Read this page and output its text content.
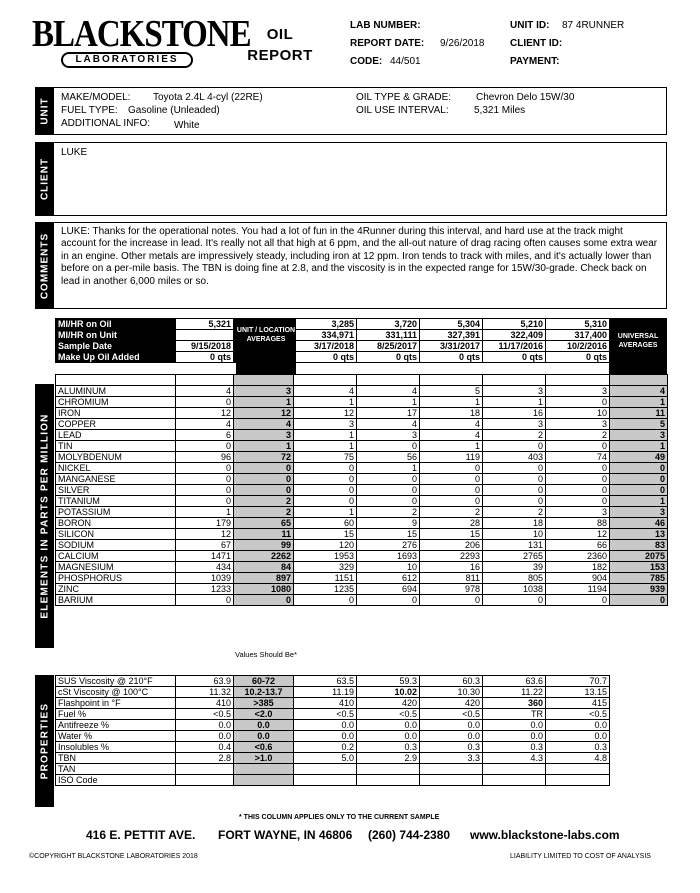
BLACKSTONE
LABORATORIES
OIL REPORT
LAB NUMBER:
REPORT DATE: 9/26/2018
CODE: 44/501
UNIT ID: 87 4RUNNER
CLIENT ID:
PAYMENT:
UNIT MAKE/MODEL: Toyota 2.4L 4-cyl (22RE)
FUEL TYPE: Gasoline (Unleaded)
ADDITIONAL INFO: White
OIL TYPE & GRADE: Chevron Delo 15W/30
OIL USE INTERVAL:	5,321 Miles
CLIENT
LUKE
COMMENTS
LUKE: Thanks for the operational notes. You had a lot of fun in the 4Runner during this interval, and hard use at the track might account for the increase in lead. It's really not all that high at 6 ppm, and the all-out nature of drag racing often causes some extra wear in an engine. Other metals are impressively steady, including iron at 12 ppm. Iron tends to track with miles, and it's actually lower than before on a per-mile basis. The TBN is doing fine at 2.8, and the viscosity is in the expected range for 15W/30-grade. Check back on lead in another 6,000 miles or so.
MI/HR on Oil	5,321		3,285	3,720	5,304	5,210	5,310
MI/HR on Unit			334,971	331,111	327,391	322,409	317,400
Sample Date	9/15/2018		3/17/2018	8/25/2017	3/31/2017	11/17/2016	10/2/2016
Make Up Oil Added	0 qts		0 qts	0 qts	0 qts	0 qts	0 qts
UNIT / LOCATION AVERAGES	UNIVERSAL AVERAGES
ELEMENTS IN PARTS PER MILLION

ALUMINUM	4	3	4	4	5	3	3	4
CHROMIUM	0	1	1	1	1	1	0	1
IRON	12	12	12	17	18	16	10	11
COPPER	4	4	3	4	4	3	3	5
LEAD	6	3	1	3	4	2	2	3
TIN	0	1	1	0	1	0	0	1
MOLYBDENUM	96	72	75	56	119	403	74	49
NICKEL	0	0	0	1	0	0	0	0
MANGANESE	0	0	0	0	0	0	0	0
SILVER	0	0	0	0	0	0	0	0
TITANIUM	0	2	0	0	0	0	0	1
POTASSIUM	1	2	1	2	2	2	3	3
BORON	179	65	60	9	28	18	88	46
SILICON	12	11	15	15	15	10	12	13
SODIUM	67	99	120	276	206	131	66	83
CALCIUM	1471	2262	1953	1693	2293	2765	2360	2075
MAGNESIUM	434	84	329	10	16	39	182	153
PHOSPHORUS	1039	897	1151	612	811	805	904	785
ZINC	1233	1080	1235	694	978	1038	1194	939
BARIUM	0	0	0	0	0	0	0	0
Values Should Be*
PROPERTIES
SUS Viscosity @ 210°F	63.9	60-72	63.5	59.3	60.3	63.6	70.7
cSt Viscosity @ 100°C	11.32	10.2-13.7	11.19	10.02	10.30	11.22	13.15
Flashpoint in °F	410	>385	410	420	420	360	415
Fuel %	<0.5	<2.0	<0.5	<0.5	<0.5	TR	<0.5
Antifreeze %	0.0	0.0	0.0	0.0	0.0	0.0	0.0
Water %	0.0	0.0	0.0	0.0	0.0	0.0	0.0
Insolubles %	0.4	<0.6	0.2	0.3	0.3	0.3	0.3
TBN	2.8	>1.0	5.0	2.9	3.3	4.3	4.8
TAN							
ISO Code							
* THIS COLUMN APPLIES ONLY TO THE CURRENT SAMPLE
416 E. PETTIT AVE. FORT WAYNE, IN 46806 (260) 744-2380 www.blackstone-labs.com
©COPYRIGHT BLACKSTONE LABORATORIES 2018	LIABILITY LIMITED TO COST OF ANALYSIS
